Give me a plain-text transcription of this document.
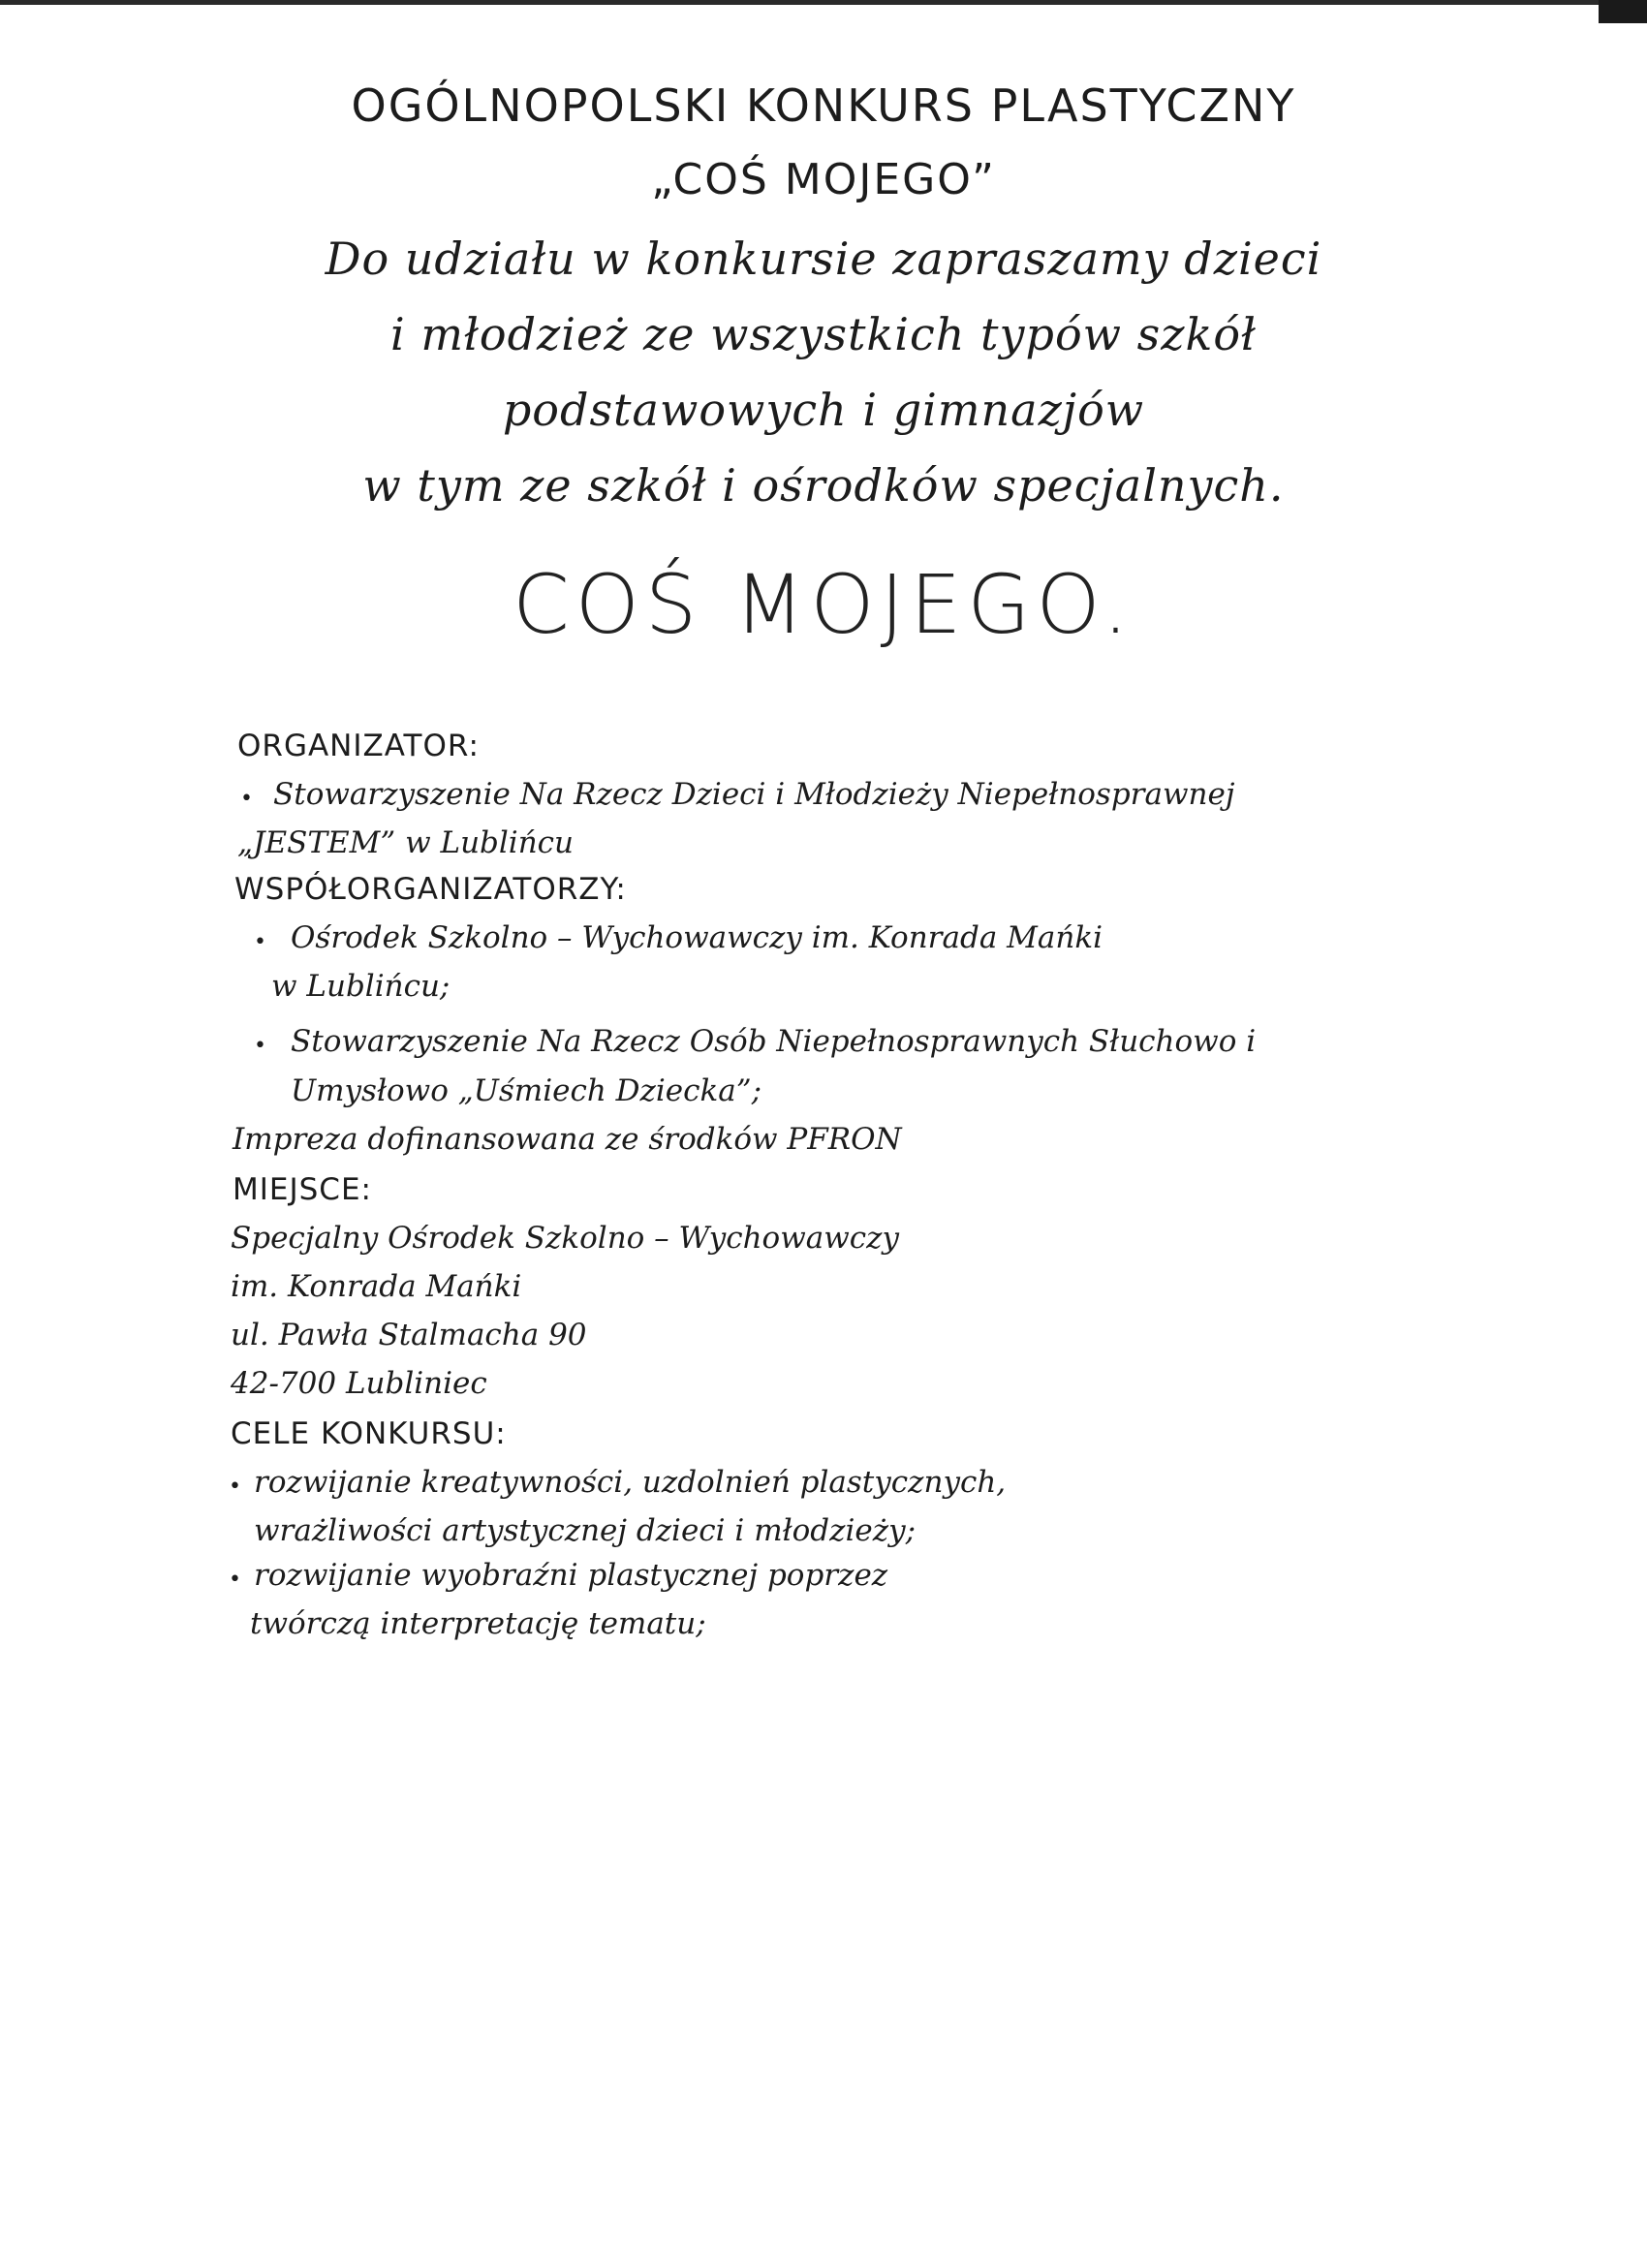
OGÓLNOPOLSKI KONKURS PLASTYCZNY
„COŚ MOJEGO”
Do udziału w konkursie zapraszamy dzieci
i młodzież ze wszystkich typów szkół
podstawowych i gimnazjów
w tym ze szkół i ośrodków specjalnych.
COŚ MOJEGO.
ORGANIZATOR:
• Stowarzyszenie Na Rzecz Dzieci i Młodzieży Niepełnosprawnej
„JESTEM” w Lublińcu
WSPÓŁORGANIZATORZY:
• Ośrodek Szkolno – Wychowawczy im. Konrada Mańki
w Lublińcu;
• Stowarzyszenie Na Rzecz Osób Niepełnosprawnych Słuchowo i
Umysłowo „Uśmiech Dziecka”;
Impreza dofinansowana ze środków PFRON
MIEJSCE:
Specjalny Ośrodek Szkolno – Wychowawczy
im. Konrada Mańki
ul. Pawła Stalmacha 90
42-700 Lubliniec
CELE KONKURSU:
• rozwijanie kreatywności, uzdolnień plastycznych,
wrażliwości artystycznej dzieci i młodzieży;
• rozwijanie wyobraźni plastycznej poprzez
twórczą interpretację tematu;
